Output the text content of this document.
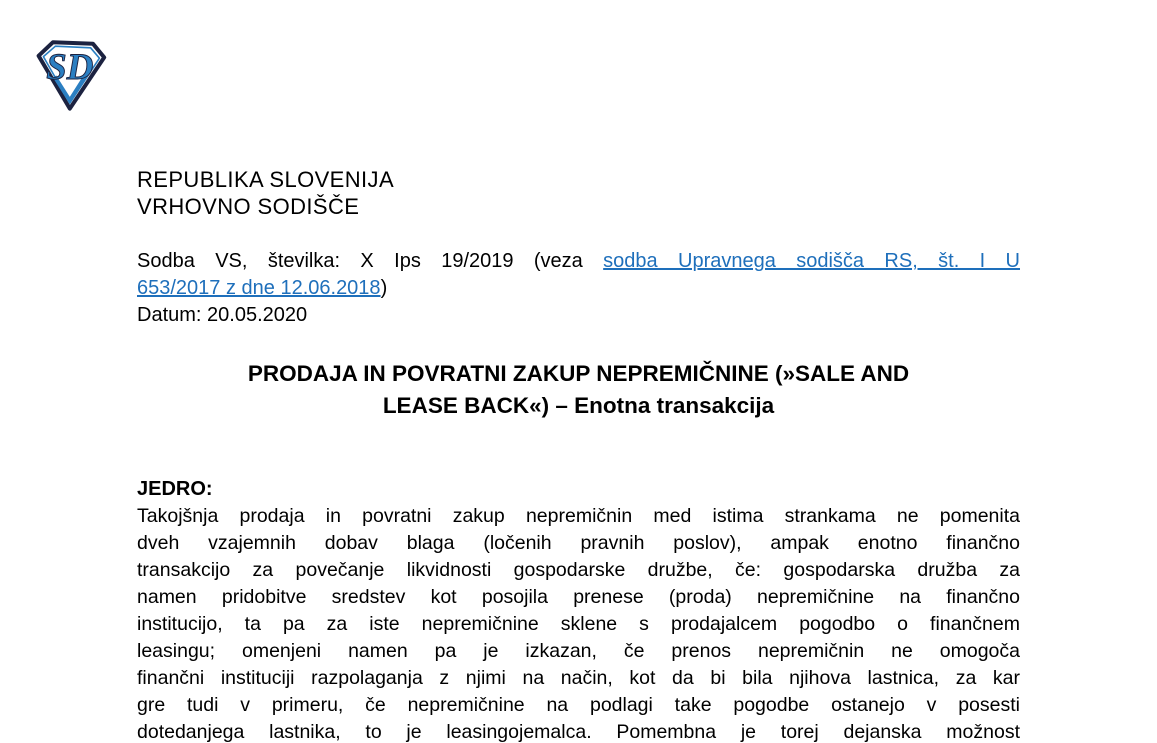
SD
REPUBLIKA SLOVENIJA
VRHOVNO SODIŠČE
Sodba VS, številka: X Ips 19/2019 (veza sodba Upravnega sodišča RS, št. I U
653/2017 z dne 12.06.2018)
Datum: 20.05.2020
PRODAJA IN POVRATNI ZAKUP NEPREMIČNINE (»SALE AND
LEASE BACK«) – Enotna transakcija
JEDRO:
Takojšnja prodaja in povratni zakup nepremičnin med istima strankama ne pomenita
dveh vzajemnih dobav blaga (ločenih pravnih poslov), ampak enotno finančno
transakcijo za povečanje likvidnosti gospodarske družbe, če: gospodarska družba za
namen pridobitve sredstev kot posojila prenese (proda) nepremičnine na finančno
institucijo, ta pa za iste nepremičnine sklene s prodajalcem pogodbo o finančnem
leasingu; omenjeni namen pa je izkazan, če prenos nepremičnin ne omogoča
finančni instituciji razpolaganja z njimi na način, kot da bi bila njihova lastnica, za kar
gre tudi v primeru, če nepremičnine na podlagi take pogodbe ostanejo v posesti
dotedanjega lastnika, to je leasingojemalca. Pomembna je torej dejanska možnost
